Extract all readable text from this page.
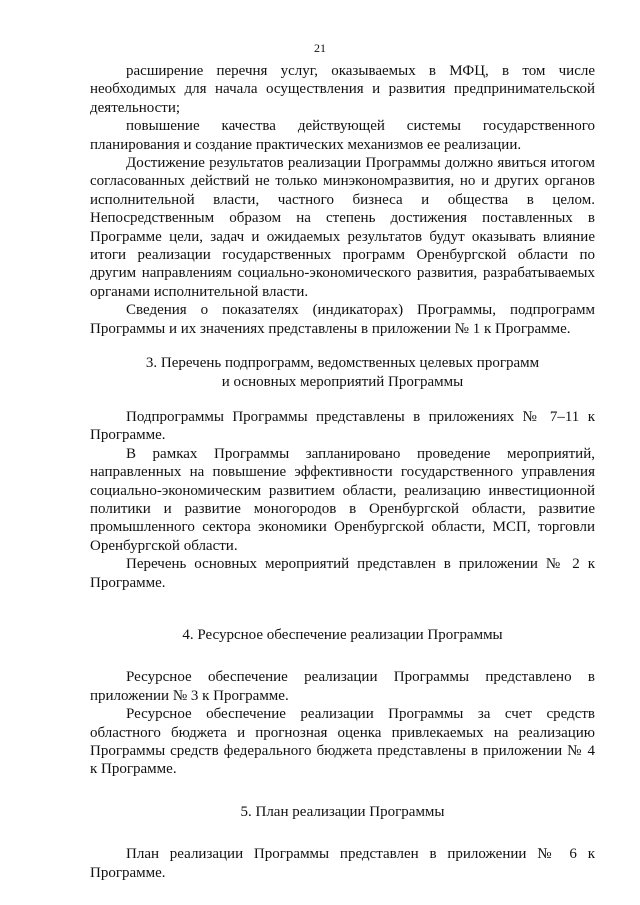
21

расширение перечня услуг, оказываемых в МФЦ, в том числе необходимых для начала осуществления и развития предпринимательской деятельности;

повышение качества действующей системы государственного планирования и создание практических механизмов ее реализации.

Достижение результатов реализации Программы должно явиться итогом согласованных действий не только минэкономразвития, но и других органов исполнительной власти, частного бизнеса и общества в целом. Непосредственным образом на степень достижения поставленных в Программе цели, задач и ожидаемых результатов будут оказывать влияние итоги реализации государственных программ Оренбургской области по другим направлениям социально-экономического развития, разрабатываемых органами исполнительной власти.

Сведения о показателях (индикаторах) Программы, подпрограмм Программы и их значениях представлены в приложении № 1 к Программе.

3. Перечень подпрограмм, ведомственных целевых программ

и основных мероприятий Программы

Подпрограммы Программы представлены в приложениях № 7–11 к Программе.

В рамках Программы запланировано проведение мероприятий, направленных на повышение эффективности государственного управления социально-экономическим развитием области, реализацию инвестиционной политики и развитие моногородов в Оренбургской области, развитие промышленного сектора экономики Оренбургской области, МСП, торговли Оренбургской области.

Перечень основных мероприятий представлен в приложении № 2 к Программе.

4. Ресурсное обеспечение реализации Программы

Ресурсное обеспечение реализации Программы представлено в приложении № 3 к Программе.

Ресурсное обеспечение реализации Программы за счет средств областного бюджета и прогнозная оценка привлекаемых на реализацию Программы средств федерального бюджета представлены в приложении № 4 к Программе.

5. План реализации Программы

План реализации Программы представлен в приложении № 6 к Программе.
